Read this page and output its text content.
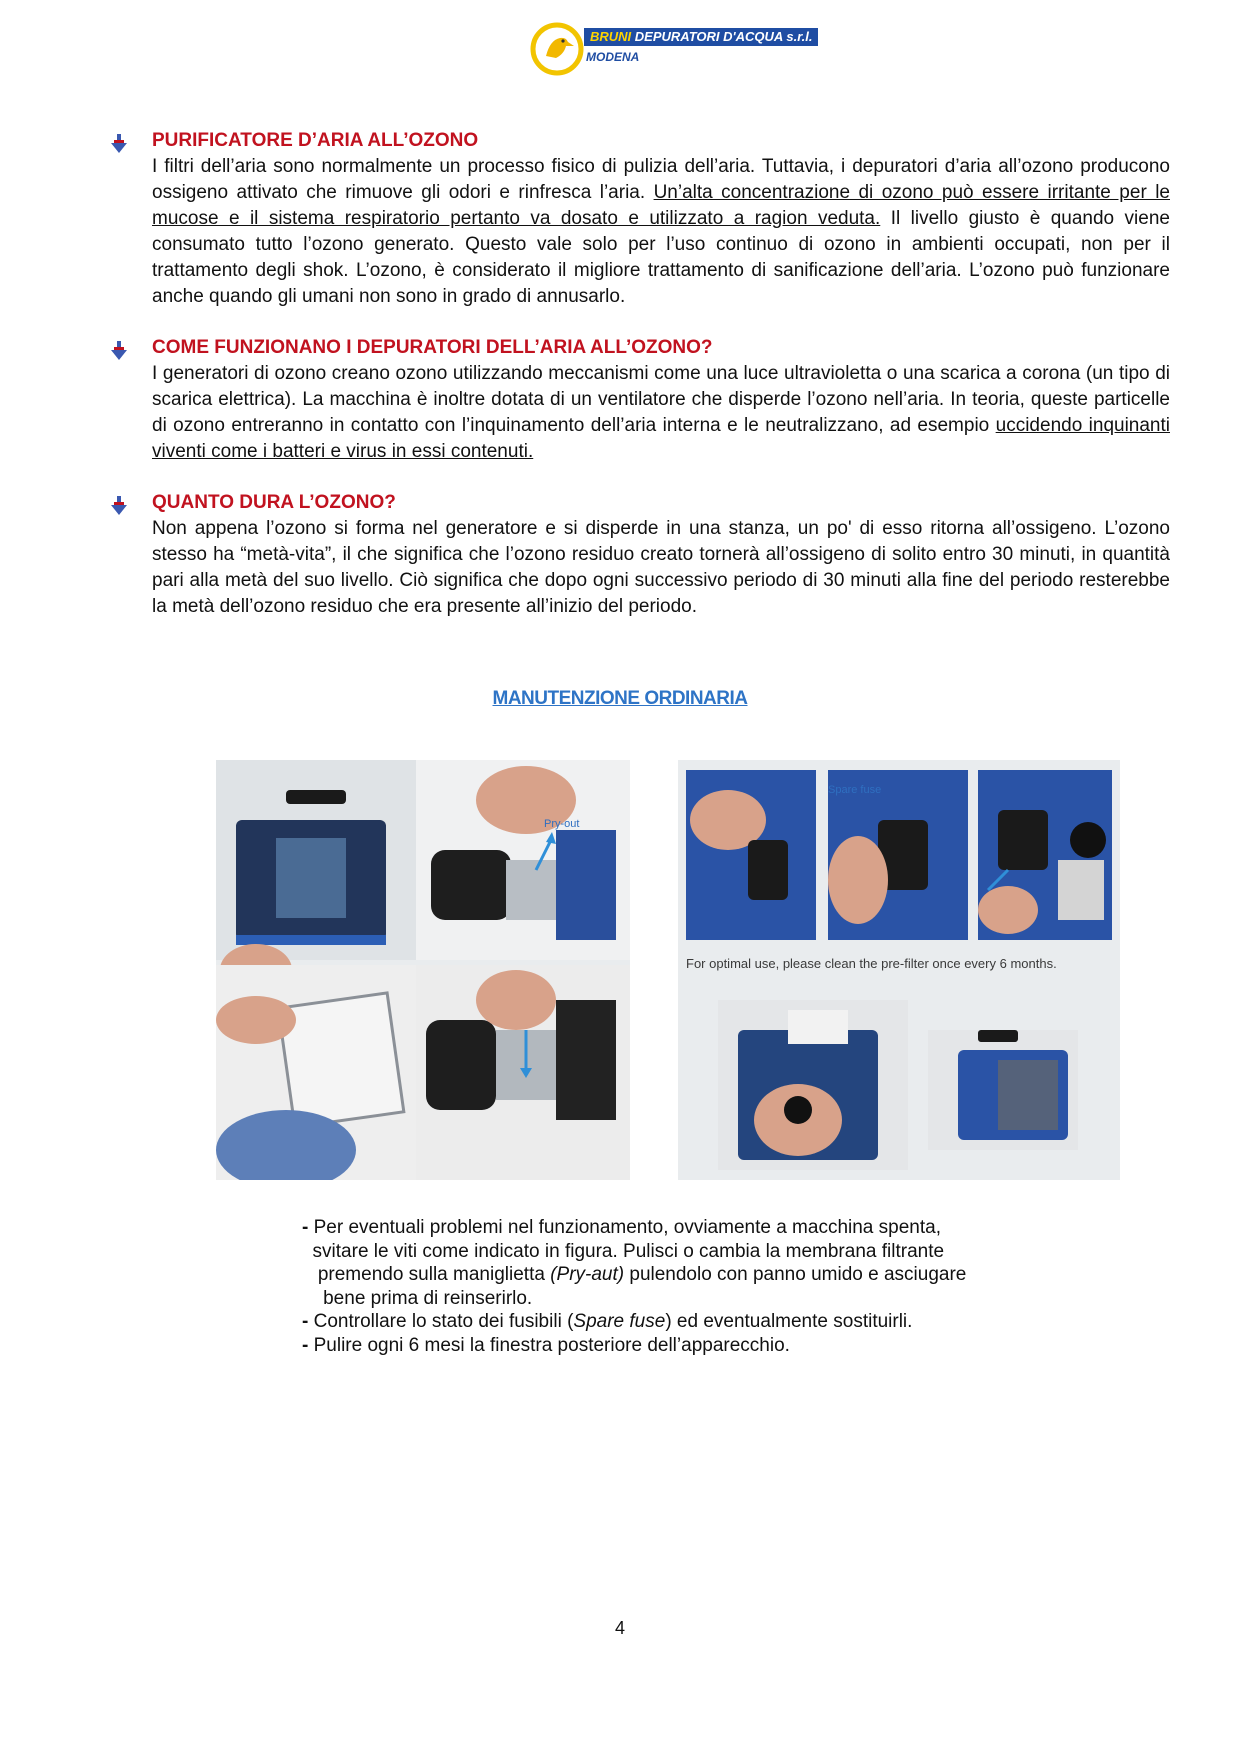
BRUNI DEPURATORI D'ACQUA s.r.l.
MODENA
PURIFICATORE D’ARIA ALL’OZONO
I filtri dell’aria sono normalmente un processo fisico di pulizia dell’aria. Tuttavia, i depuratori d’aria all’ozono producono ossigeno attivato che rimuove gli odori e rinfresca l’aria. Un’alta concentrazione di ozono può essere irritante per le mucose e il sistema respiratorio pertanto va dosato e utilizzato a ragion veduta. Il livello giusto è quando viene consumato tutto l’ozono generato. Questo vale solo per l’uso continuo di ozono in ambienti occupati, non per il trattamento degli shok. L’ozono, è considerato il migliore trattamento di sanificazione dell’aria. L’ozono può funzionare anche quando gli umani non sono in grado di annusarlo.
COME FUNZIONANO I DEPURATORI DELL’ARIA ALL’OZONO?
I generatori di ozono creano ozono utilizzando meccanismi come una luce ultravioletta o una scarica a corona (un tipo di scarica elettrica). La macchina è inoltre dotata di un ventilatore che disperde l’ozono nell’aria. In teoria, queste particelle di ozono entreranno in contatto con l’inquinamento dell’aria interna e le neutralizzano, ad esempio uccidendo inquinanti viventi come i batteri e virus in essi contenuti.
QUANTO DURA L’OZONO?
Non appena l’ozono si forma nel generatore e si disperde in una stanza, un po' di esso ritorna all’ossigeno. L’ozono stesso ha “metà-vita”, il che significa che l’ozono residuo creato tornerà all’ossigeno di solito entro 30 minuti, in quantità pari alla metà del suo livello. Ciò significa che dopo ogni successivo periodo di 30 minuti alla fine del periodo resterebbe la metà dell’ozono residuo che era presente all’inizio del periodo.
MANUTENZIONE ORDINARIA
Pry-out
Spare fuse
For optimal use, please clean the pre-filter once every 6 months.
- Per eventuali problemi nel funzionamento, ovviamente a macchina spenta,
svitare le viti come indicato in figura. Pulisci o cambia la membrana filtrante
premendo sulla maniglietta (Pry-aut) pulendolo con panno umido e asciugare
bene prima di reinserirlo.
- Controllare lo stato dei fusibili (Spare fuse) ed eventualmente sostituirli.
- Pulire ogni 6 mesi la finestra posteriore dell’apparecchio.
4
